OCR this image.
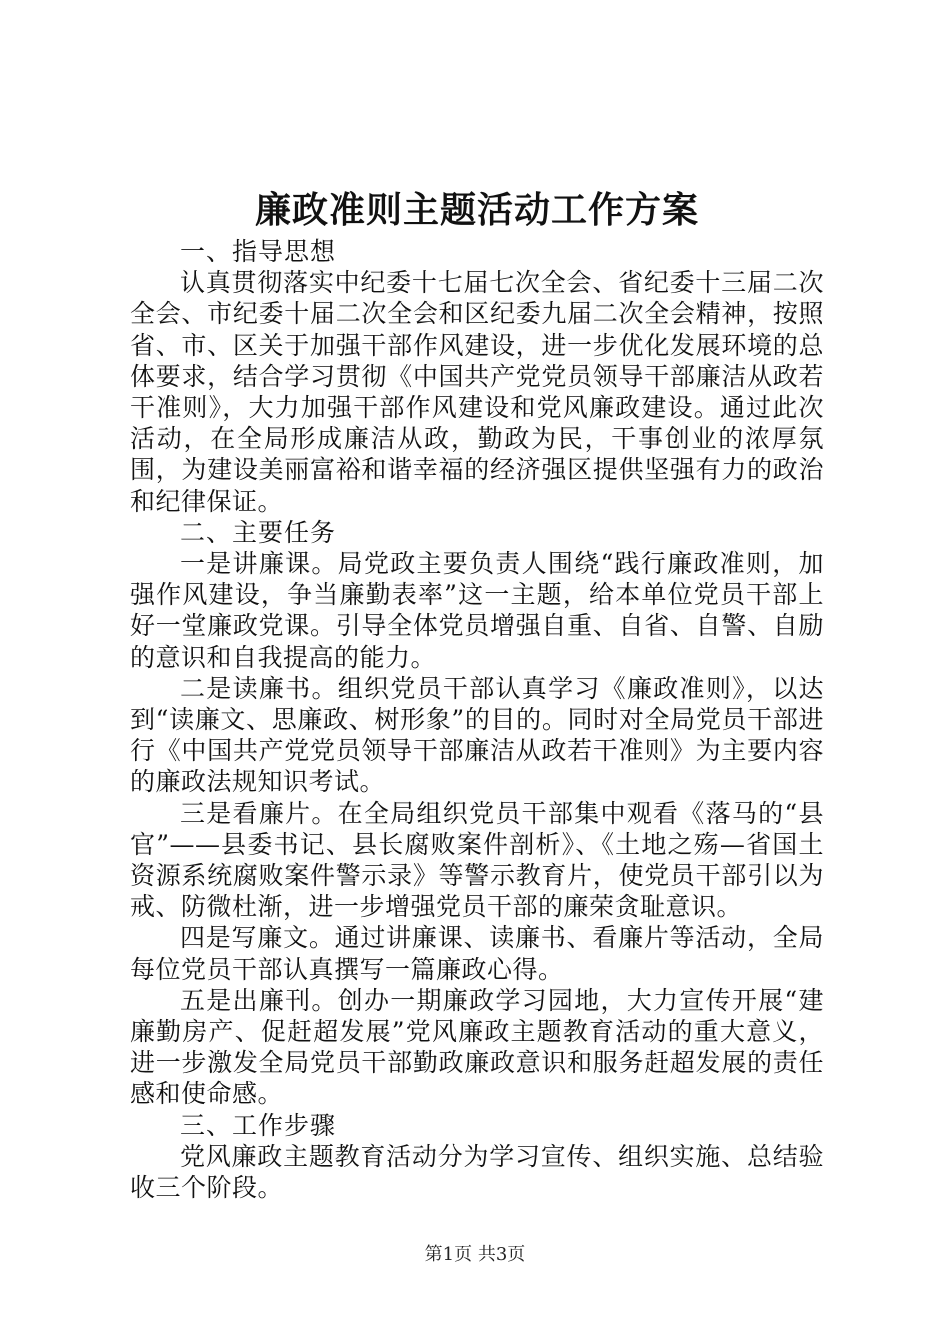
廉政准则主题活动工作方案

一、指导思想

认真贯彻落实中纪委十七届七次全会、省纪委十三届二次全会、市纪委十届二次全会和区纪委九届二次全会精神，按照省、市、区关于加强干部作风建设，进一步优化发展环境的总体要求，结合学习贯彻《中国共产党党员领导干部廉洁从政若干准则》，大力加强干部作风建设和党风廉政建设。通过此次活动，在全局形成廉洁从政，勤政为民，干事创业的浓厚氛围，为建设美丽富裕和谐幸福的经济强区提供坚强有力的政治和纪律保证。

二、主要任务

一是讲廉课。局党政主要负责人围绕“践行廉政准则，加强作风建设，争当廉勤表率”这一主题，给本单位党员干部上好一堂廉政党课。引导全体党员增强自重、自省、自警、自励的意识和自我提高的能力。

二是读廉书。组织党员干部认真学习《廉政准则》，以达到“读廉文、思廉政、树形象”的目的。同时对全局党员干部进行《中国共产党党员领导干部廉洁从政若干准则》为主要内容的廉政法规知识考试。

三是看廉片。在全局组织党员干部集中观看《落马的“县官”——县委书记、县长腐败案件剖析》、《土地之殇—省国土资源系统腐败案件警示录》等警示教育片，使党员干部引以为戒、防微杜渐，进一步增强党员干部的廉荣贪耻意识。

四是写廉文。通过讲廉课、读廉书、看廉片等活动，全局每位党员干部认真撰写一篇廉政心得。

五是出廉刊。创办一期廉政学习园地，大力宣传开展“建廉勤房产、促赶超发展”党风廉政主题教育活动的重大意义，进一步激发全局党员干部勤政廉政意识和服务赶超发展的责任感和使命感。

三、工作步骤

党风廉政主题教育活动分为学习宣传、组织实施、总结验收三个阶段。

第1页 共3页
